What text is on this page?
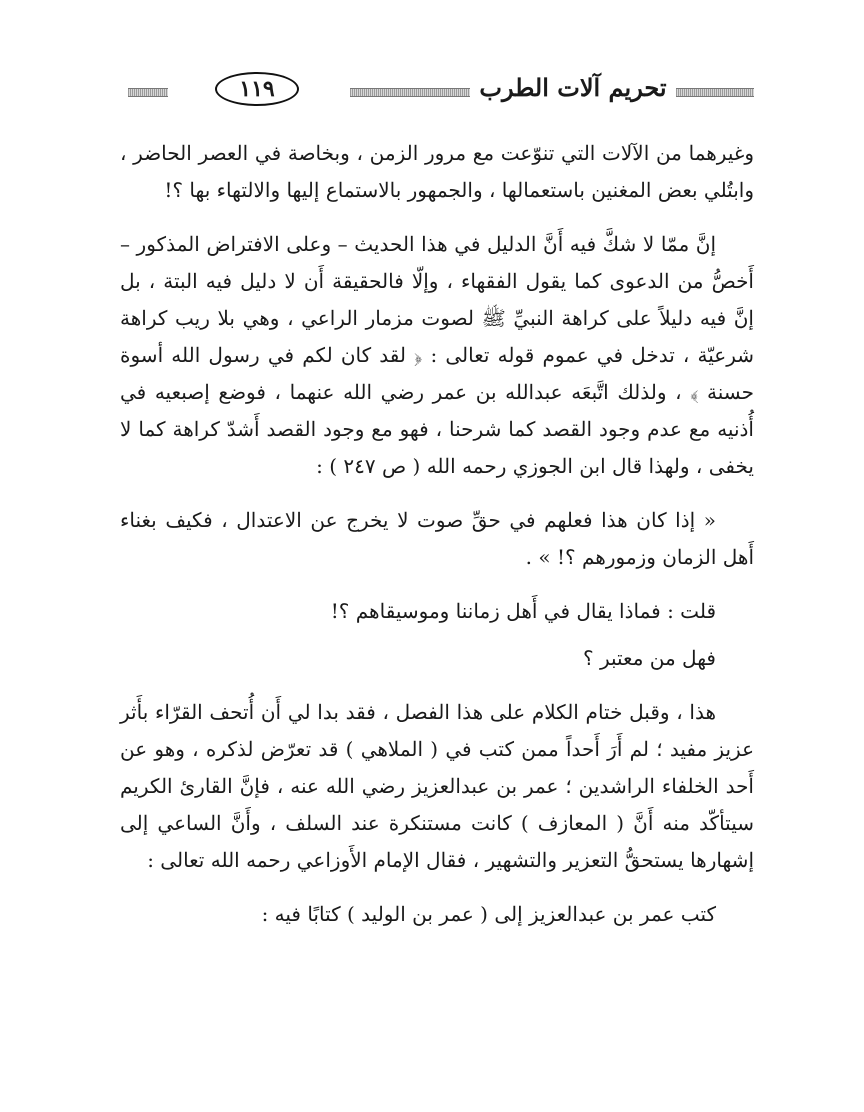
١١٩	تحريم آلات الطرب

وغيرهما من الآلات التي تنوّعت مع مرور الزمن ، وبخاصة في العصر الحاضر ، وابتُلي بعض المغنين باستعمالها ، والجمهور بالاستماع إليها والالتهاء بها ؟!

إنَّ ممّا لا شكَّ فيه أَنَّ الدليل في هذا الحديث – وعلى الافتراض المذكور – أَخصُّ من الدعوى كما يقول الفقهاء ، وإلّا فالحقيقة أَن لا دليل فيه البتة ، بل إنَّ فيه دليلاً على كراهة النبيِّ ﷺ لصوت مزمار الراعي ، وهي بلا ريب كراهة شرعيّة ، تدخل في عموم قوله تعالى : ﴿ لقد كان لكم في رسول الله أسوة حسنة ﴾ ، ولذلك اتَّبعَه عبدالله بن عمر رضي الله عنهما ، فوضع إصبعيه في أُذنيه مع عدم وجود القصد كما شرحنا ، فهو مع وجود القصد أَشدّ كراهة كما لا يخفى ، ولهذا قال ابن الجوزي رحمه الله ( ص ٢٤٧ ) :

« إذا كان هذا فعلهم في حقِّ صوت لا يخرج عن الاعتدال ، فكيف بغناء أَهل الزمان وزمورهم ؟! » .

قلت : فماذا يقال في أَهل زماننا وموسيقاهم ؟!

فهل من معتبر ؟

هذا ، وقبل ختام الكلام على هذا الفصل ، فقد بدا لي أَن أُتحف القرّاء بأَثر عزيز مفيد ؛ لم أَرَ أَحداً ممن كتب في ( الملاهي ) قد تعرّض لذكره ، وهو عن أَحد الخلفاء الراشدين ؛ عمر بن عبدالعزيز رضي الله عنه ، فإنَّ القارئ الكريم سيتأكّد منه أَنَّ ( المعازف ) كانت مستنكرة عند السلف ، وأَنَّ الساعي إلى إشهارها يستحقُّ التعزير والتشهير ، فقال الإمام الأَوزاعي رحمه الله تعالى :

كتب عمر بن عبدالعزيز إلى ( عمر بن الوليد ) كتابًا فيه :
